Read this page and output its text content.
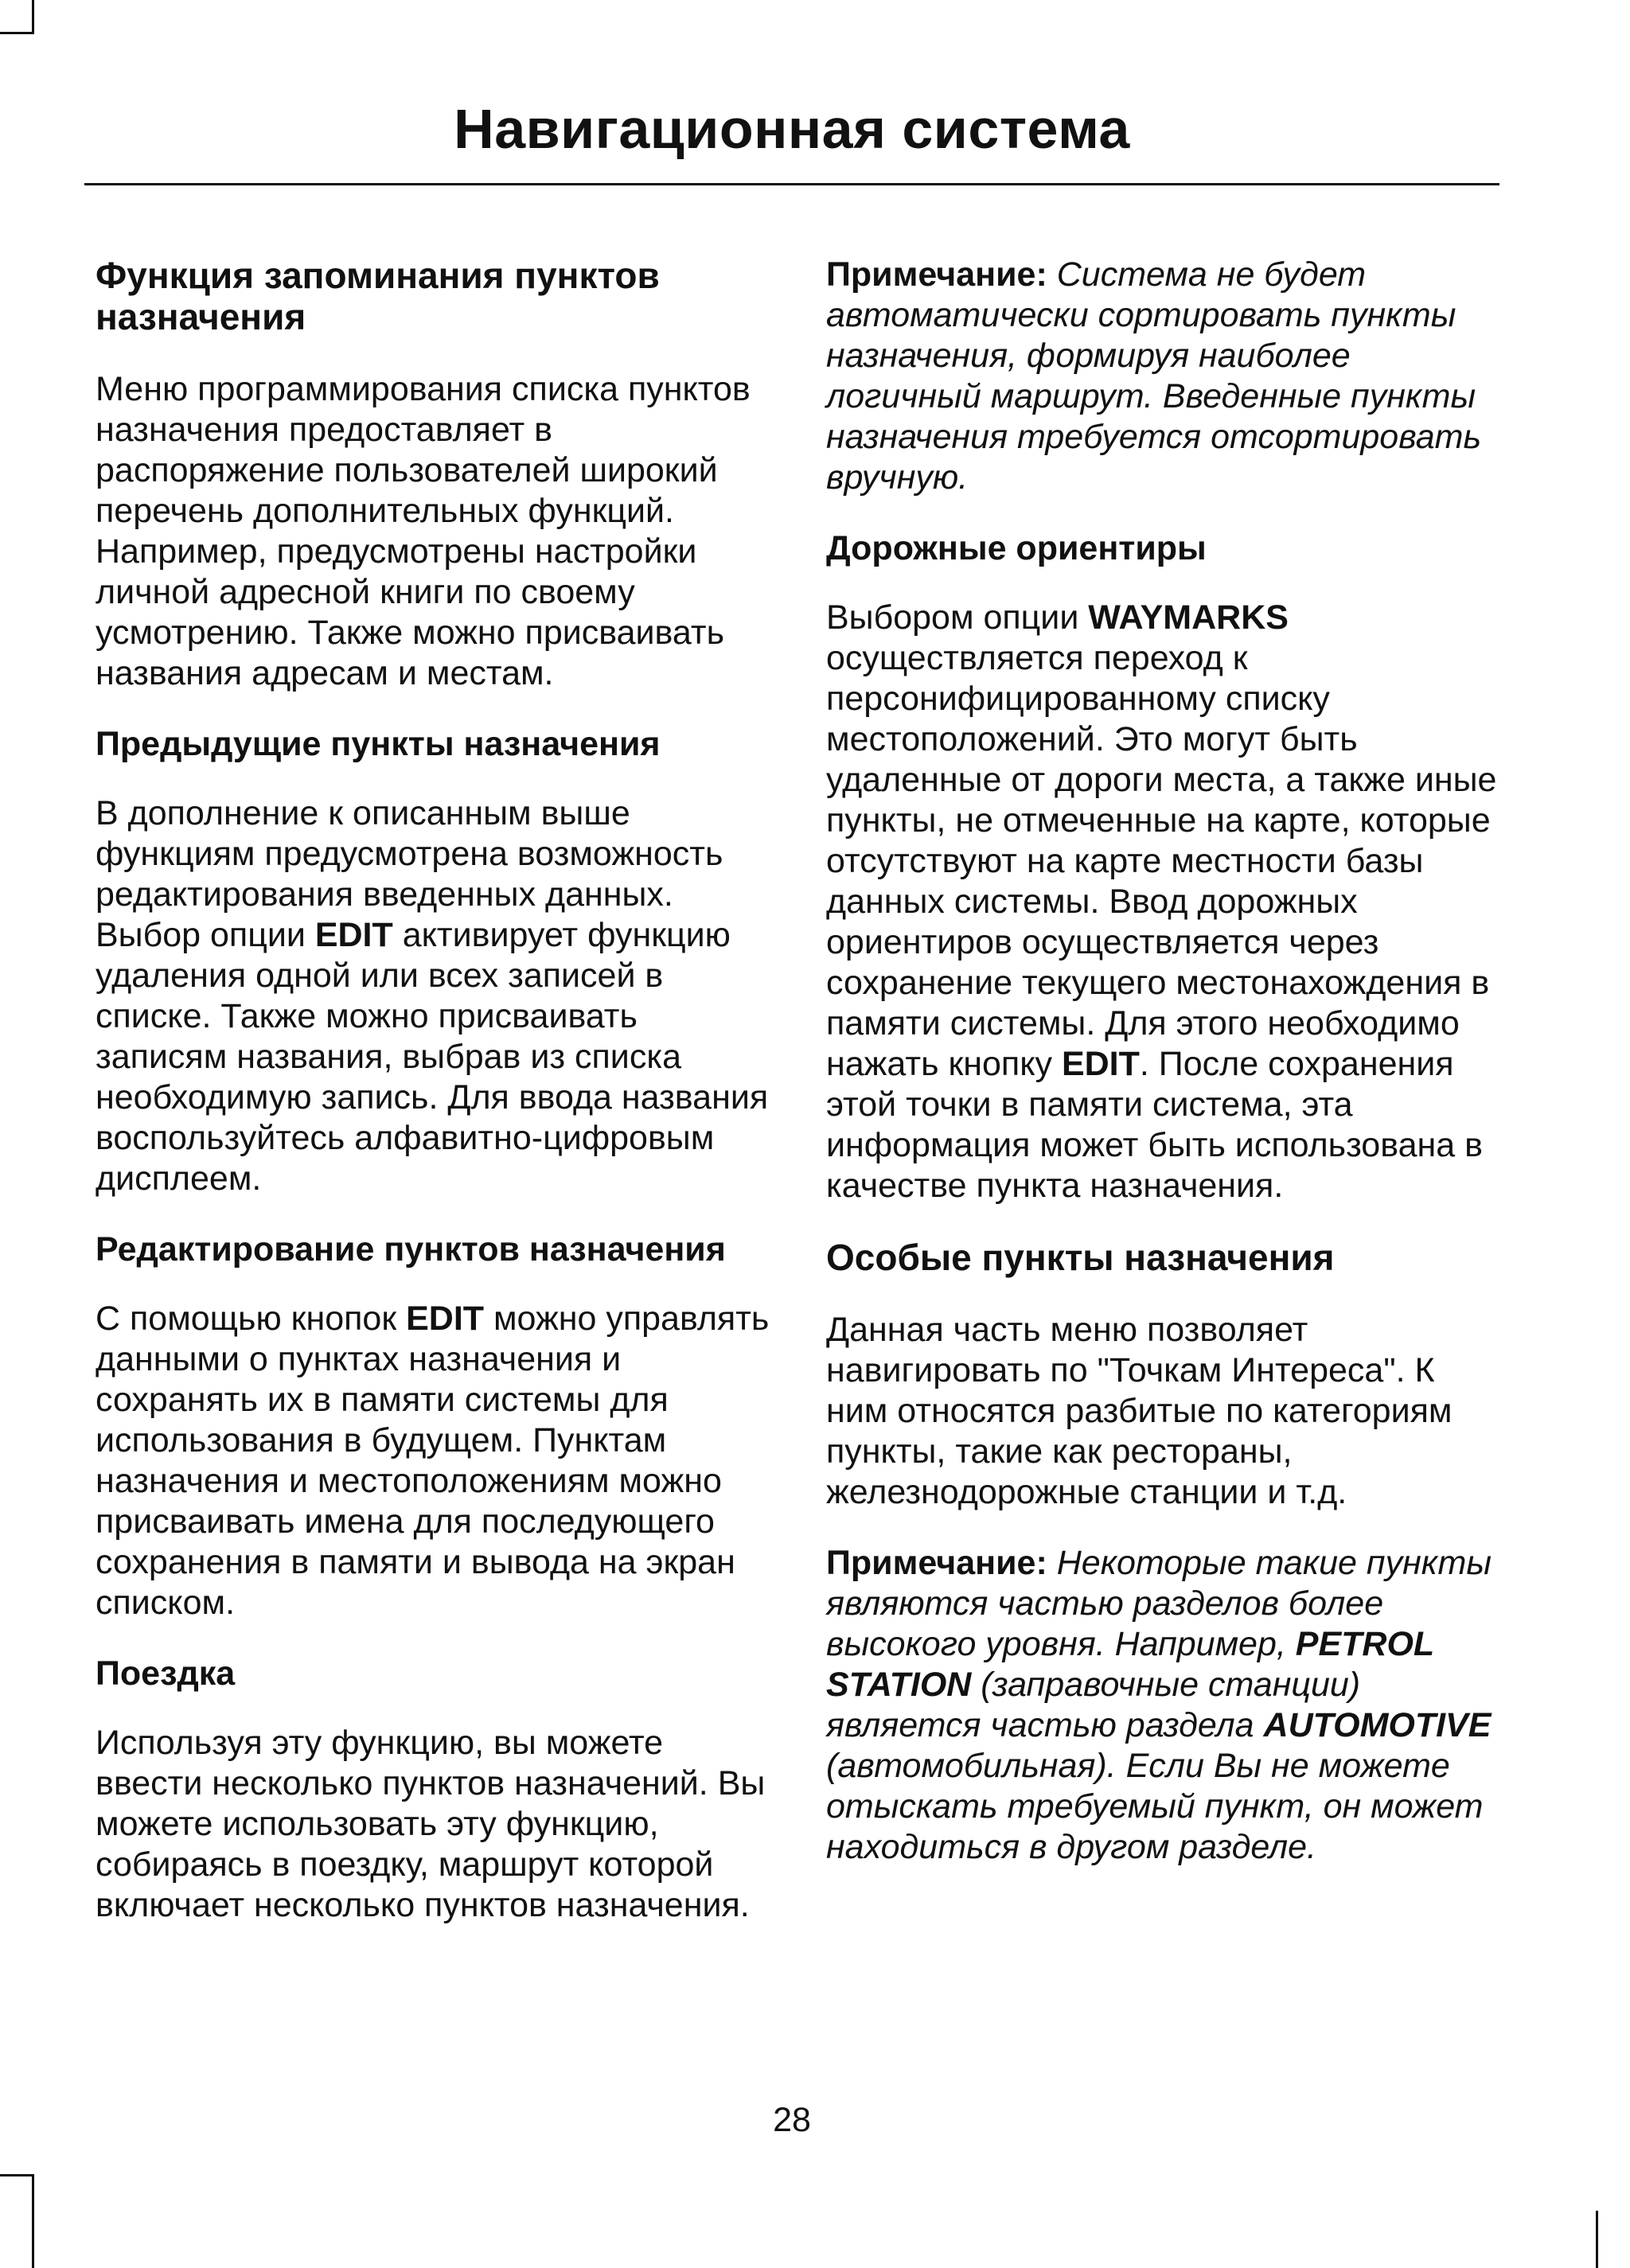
Навигационная система
Функция запоминания пунктов назначения

Меню программирования списка пунктов назначения предоставляет в распоряжение пользователей широкий перечень дополнительных функций. Например, предусмотрены настройки личной адресной книги по своему усмотрению. Также можно присваивать названия адресам и местам.

Предыдущие пункты назначения

В дополнение к описанным выше функциям предусмотрена возможность редактирования введенных данных. Выбор опции EDIT активирует функцию удаления одной или всех записей в списке. Также можно присваивать записям названия, выбрав из списка необходимую запись. Для ввода названия воспользуйтесь алфавитно-цифровым дисплеем.

Редактирование пунктов назначения

С помощью кнопок EDIT можно управлять данными о пунктах назначения и сохранять их в памяти системы для использования в будущем. Пунктам назначения и местоположениям можно присваивать имена для последующего сохранения в памяти и вывода на экран списком.

Поездка

Используя эту функцию, вы можете ввести несколько пунктов назначений. Вы можете использовать эту функцию, собираясь в поездку, маршрут которой включает несколько пунктов назначения.

Примечание: Система не будет автоматически сортировать пункты назначения, формируя наиболее логичный маршрут. Введенные пункты назначения требуется отсортировать вручную.

Дорожные ориентиры

Выбором опции WAYMARKS осуществляется переход к персонифицированному списку местоположений. Это могут быть удаленные от дороги места, а также иные пункты, не отмеченные на карте, которые отсутствуют на карте местности базы данных системы. Ввод дорожных ориентиров осуществляется через сохранение текущего местонахождения в памяти системы. Для этого необходимо нажать кнопку EDIT. После сохранения этой точки в памяти система, эта информация может быть использована в качестве пункта назначения.

Особые пункты назначения

Данная часть меню позволяет навигировать по "Точкам Интереса". К ним относятся разбитые по категориям пункты, такие как рестораны, железнодорожные станции и т.д.

Примечание: Некоторые такие пункты являются частью разделов более высокого уровня. Например, PETROL STATION (заправочные станции) является частью раздела AUTOMOTIVE (автомобильная). Если Вы не можете отыскать требуемый пункт, он может находиться в другом разделе.

28
